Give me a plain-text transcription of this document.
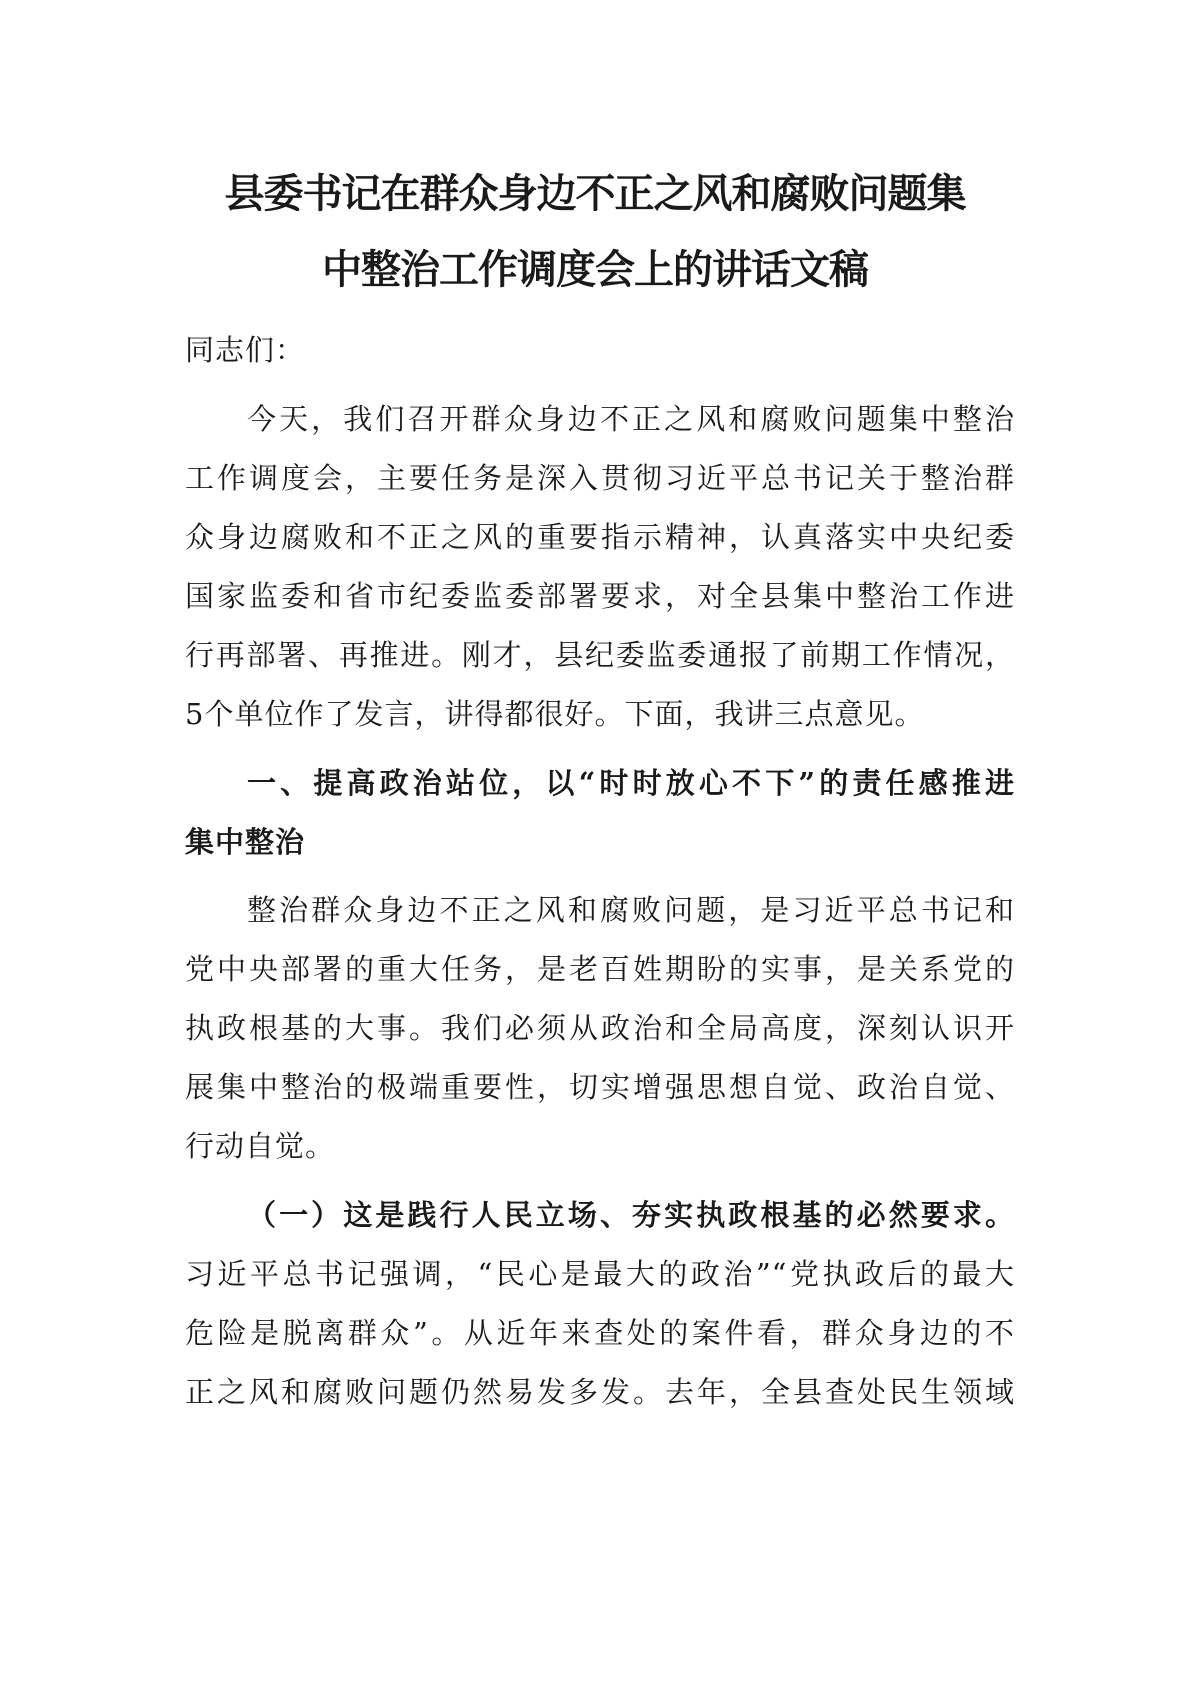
县委书记在群众身边不正之风和腐败问题集
中整治工作调度会上的讲话文稿
同志们：
今天，我们召开群众身边不正之风和腐败问题集中整治
工作调度会，主要任务是深入贯彻习近平总书记关于整治群
众身边腐败和不正之风的重要指示精神，认真落实中央纪委
国家监委和省市纪委监委部署要求，对全县集中整治工作进
行再部署、再推进。刚才，县纪委监委通报了前期工作情况，
5个单位作了发言，讲得都很好。下面，我讲三点意见。
一、提高政治站位，以“时时放心不下”的责任感推进
集中整治
整治群众身边不正之风和腐败问题，是习近平总书记和
党中央部署的重大任务，是老百姓期盼的实事，是关系党的
执政根基的大事。我们必须从政治和全局高度，深刻认识开
展集中整治的极端重要性，切实增强思想自觉、政治自觉、
行动自觉。
（一）这是践行人民立场、夯实执政根基的必然要求。
习近平总书记强调，“民心是最大的政治”“党执政后的最大
危险是脱离群众”。从近年来查处的案件看，群众身边的不
正之风和腐败问题仍然易发多发。去年，全县查处民生领域
